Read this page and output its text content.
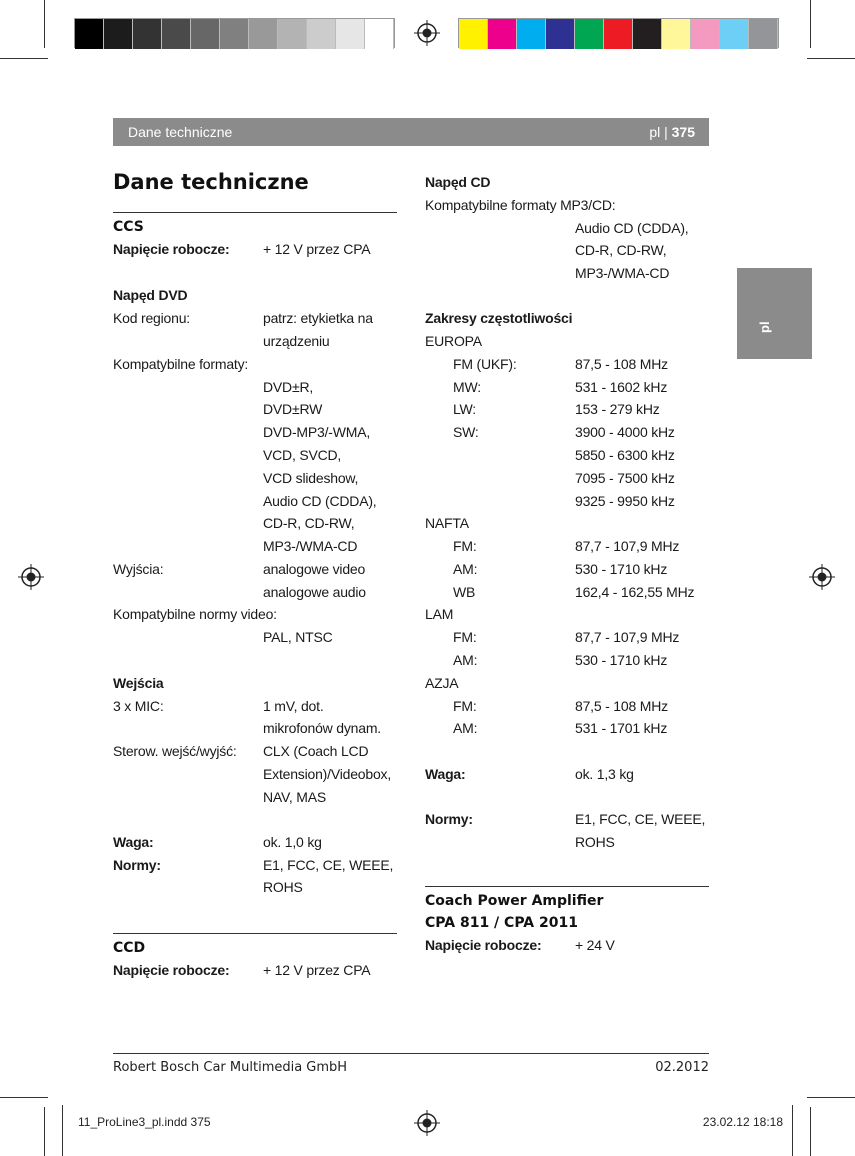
Dane techniczne	pl | 375
pl
Dane techniczne
CCS
Napięcie robocze: + 12 V przez CPA
Napęd DVD
Kod regionu:	patrz: etykietka na
urządzeniu
Kompatybilne formaty:
DVD±R,
DVD±RW
DVD-MP3/-WMA,
VCD, SVCD,
VCD slideshow,
Audio CD (CDDA),
CD-R, CD-RW,
MP3-/WMA-CD
Wyjścia:	analogowe video
analogowe audio
Kompatybilne normy video:
PAL, NTSC
Wejścia
3 x MIC:	1 mV, dot.
mikrofonów dynam.
Sterow. wejść/wyjść: CLX (Coach LCD
Extension)/Videobox,
NAV, MAS
Waga:	ok. 1,0 kg
Normy:	E1, FCC, CE, WEEE,
ROHS
CCD
Napięcie robocze: + 12 V przez CPA
Napęd CD
Kompatybilne formaty MP3/CD:
Audio CD (CDDA),
CD-R, CD-RW,
MP3-/WMA-CD
Zakresy częstotliwości
EUROPA
FM (UKF):	87,5 - 108 MHz
MW:	531 - 1602 kHz
LW:	153 - 279 kHz
SW:	3900 - 4000 kHz
5850 - 6300 kHz
7095 - 7500 kHz
9325 - 9950 kHz
NAFTA
FM:	87,7 - 107,9 MHz
AM:	530 - 1710 kHz
WB	162,4 - 162,55 MHz
LAM
FM:	87,7 - 107,9 MHz
AM:	530 - 1710 kHz
AZJA
FM:	87,5 - 108 MHz
AM:	531 - 1701 kHz
Waga:	ok. 1,3 kg
Normy:	E1, FCC, CE, WEEE,
ROHS
Coach Power Amplifier
CPA 811 / CPA 2011
Napięcie robocze: + 24 V
Robert Bosch Car Multimedia GmbH	02.2012
11_ProLine3_pl.indd 375	23.02.12 18:18
